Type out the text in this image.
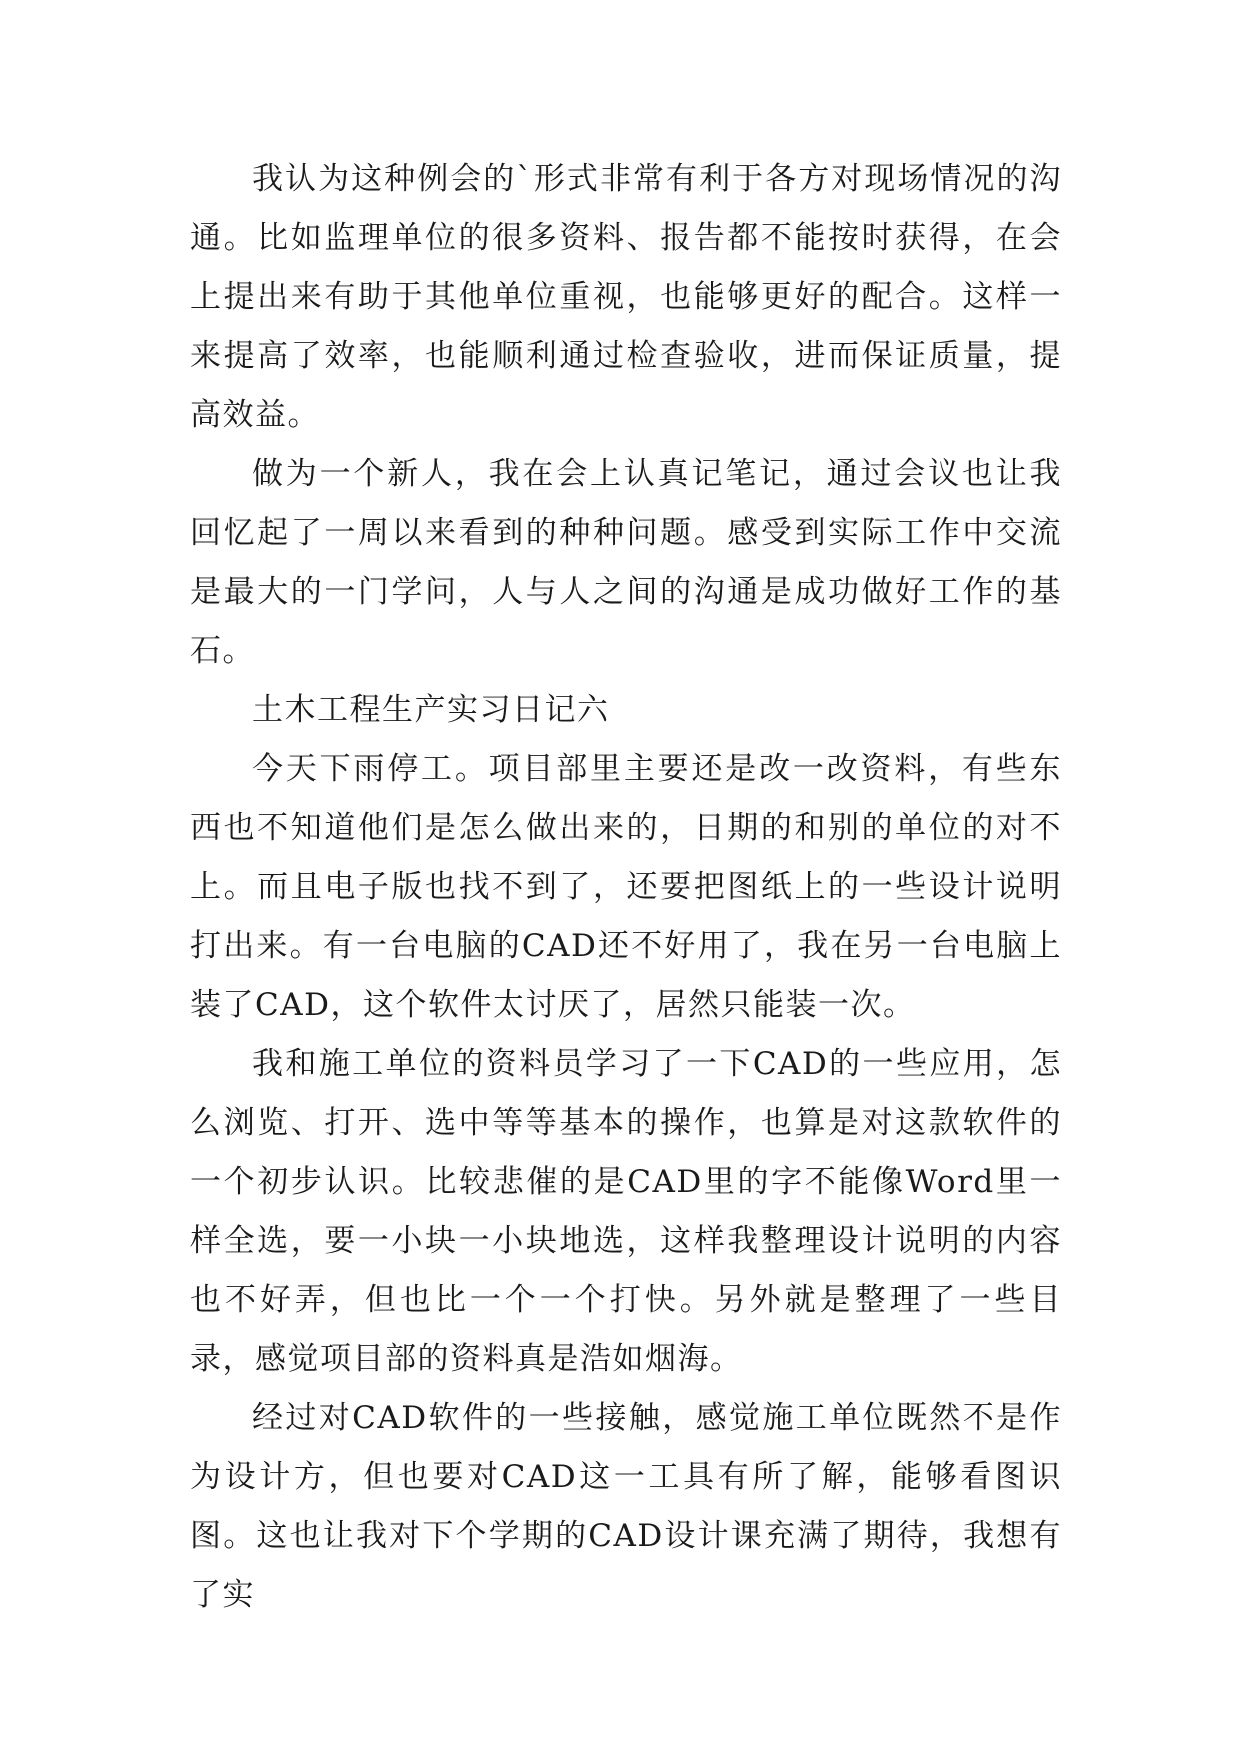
我认为这种例会的`形式非常有利于各方对现场情况的沟通。比如监理单位的很多资料、报告都不能按时获得，在会上提出来有助于其他单位重视，也能够更好的配合。这样一来提高了效率，也能顺利通过检查验收，进而保证质量，提高效益。

做为一个新人，我在会上认真记笔记，通过会议也让我回忆起了一周以来看到的种种问题。感受到实际工作中交流是最大的一门学问，人与人之间的沟通是成功做好工作的基石。

土木工程生产实习日记六

今天下雨停工。项目部里主要还是改一改资料，有些东西也不知道他们是怎么做出来的，日期的和别的单位的对不上。而且电子版也找不到了，还要把图纸上的一些设计说明打出来。有一台电脑的CAD还不好用了，我在另一台电脑上装了CAD，这个软件太讨厌了，居然只能装一次。

我和施工单位的资料员学习了一下CAD的一些应用，怎么浏览、打开、选中等等基本的操作，也算是对这款软件的一个初步认识。比较悲催的是CAD里的字不能像Word里一样全选，要一小块一小块地选，这样我整理设计说明的内容也不好弄，但也比一个一个打快。另外就是整理了一些目录，感觉项目部的资料真是浩如烟海。

经过对CAD软件的一些接触，感觉施工单位既然不是作为设计方，但也要对CAD这一工具有所了解，能够看图识图。这也让我对下个学期的CAD设计课充满了期待，我想有了实
